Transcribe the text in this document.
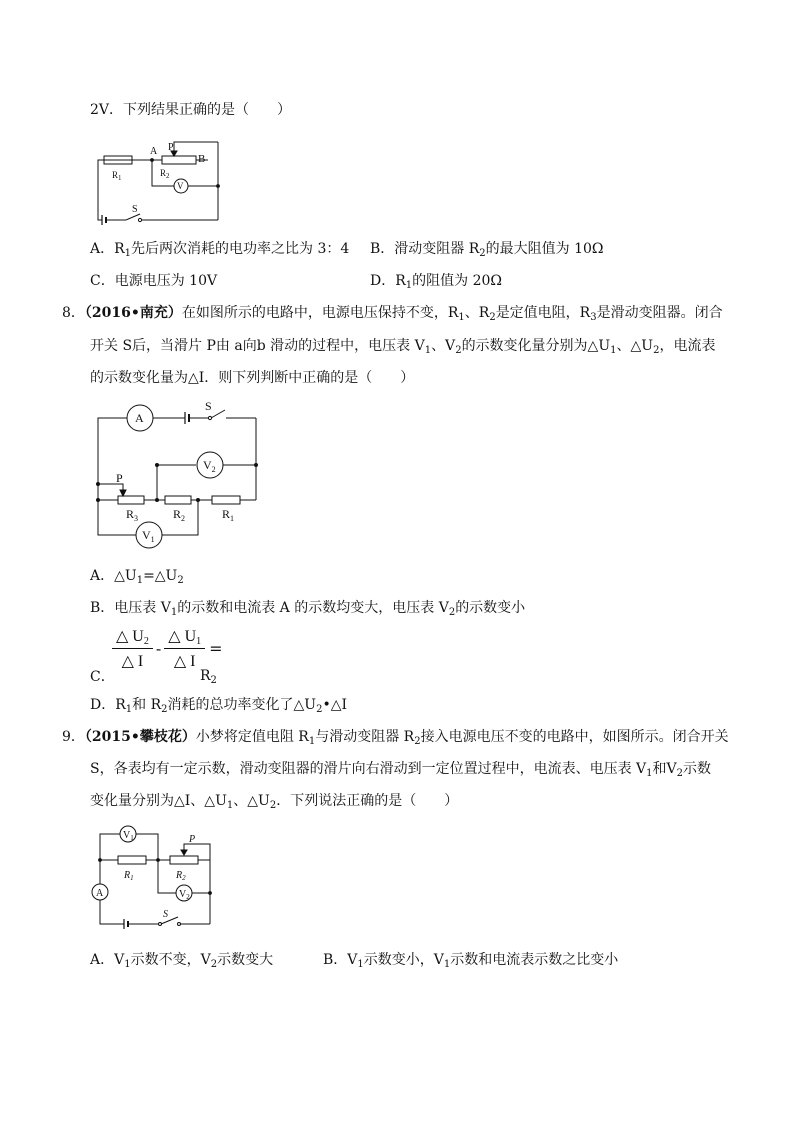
2V．下列结果正确的是（　　）
A P
B
$R_1$	$R_2$
V
S
A．$R_1$先后两次消耗的电功率之比为 3：4 B．滑动变阻器 $R_2$的最大阻值为 10Ω
C．电源电压为 10V	D．$R_1$的阻值为 20Ω
8．（2016•南充）在如图所示的电路中，电源电压保持不变，$R_1$、$R_2$是定值电阻，$R_3$是滑动变阻器。闭合
开关 S后，当滑片 P由 a向b 滑动的过程中，电压表 $V_1$、$V_2$的示数变化量分别为$\triangle U_1$、$\triangle U_2$，电流表
的示数变化量为△I．则下列判断中正确的是（　　）
A
S
$V_2$
P
$R_3$	$R_2$	$R_1$
$V_1$
A．$\triangle U_1=\triangle U_2$
B．电压表 $V_1$的示数和电流表 A 的示数均变大，电压表 $V_2$的示数变小
C．
$\frac{\triangle U_2}{\triangle I} - \frac{\triangle U_1}{\triangle I}$ =
$R_2$
D．$R_1$和 $R_2$消耗的总功率变化了$\triangle U_2•\triangle I$
9．（2015•攀枝花）小梦将定值电阻 $R_1$与滑动变阻器 $R_2$接入电源电压不变的电路中，如图所示。闭合开关
S，各表均有一定示数，滑动变阻器的滑片向右滑动到一定位置过程中，电流表、电压表 $V_1$和$V_2$示数
变化量分别为△I、$\triangle U_1$、$\triangle U_2$．下列说法正确的是（　　）
$V_1$	P
$R_1$	$R_2$
A	$V_2$
S
A．$V_1$示数不变，$V_2$示数变大	B．$V_1$示数变小，$V_1$示数和电流表示数之比变小
